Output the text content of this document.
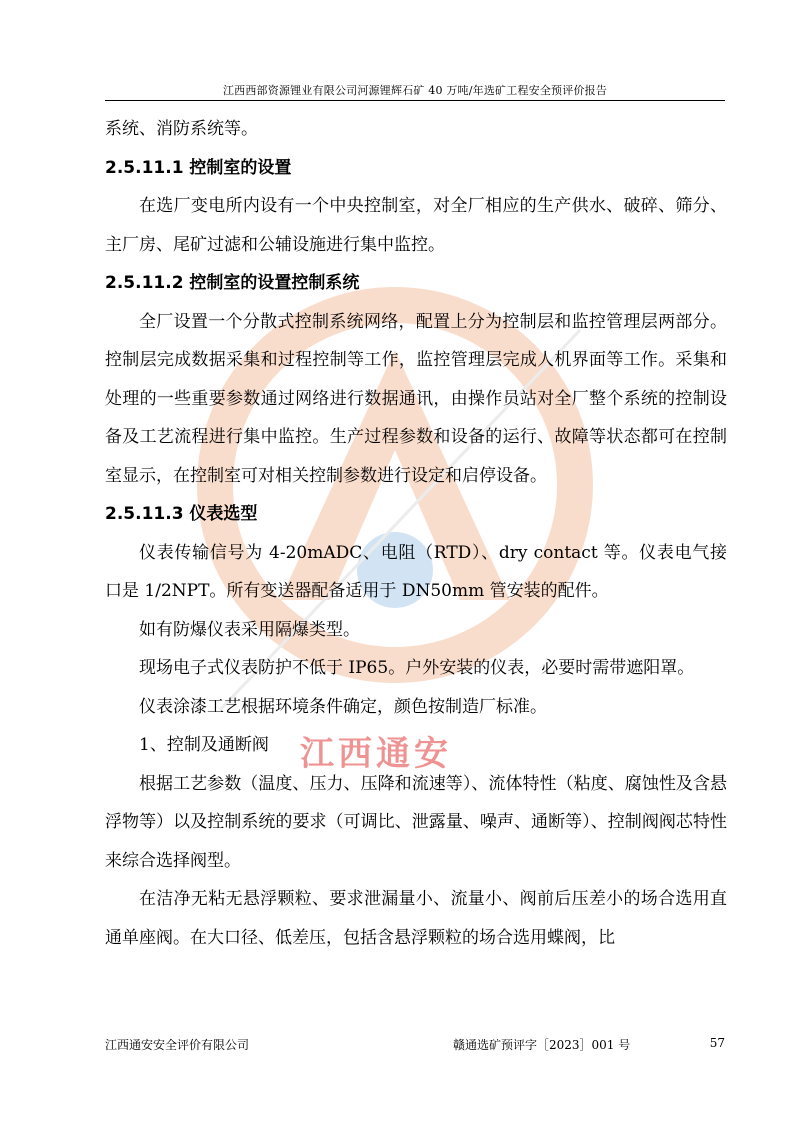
江西西部资源锂业有限公司河源锂辉石矿 40 万吨/年选矿工程安全预评价报告
江西通安

系统、消防系统等。

2.5.11.1 控制室的设置

在选厂变电所内设有一个中央控制室，对全厂相应的生产供水、破碎、筛分、主厂房、尾矿过滤和公辅设施进行集中监控。

2.5.11.2 控制室的设置控制系统

全厂设置一个分散式控制系统网络，配置上分为控制层和监控管理层两部分。控制层完成数据采集和过程控制等工作，监控管理层完成人机界面等工作。采集和处理的一些重要参数通过网络进行数据通讯，由操作员站对全厂整个系统的控制设备及工艺流程进行集中监控。生产过程参数和设备的运行、故障等状态都可在控制室显示，在控制室可对相关控制参数进行设定和启停设备。

2.5.11.3 仪表选型

仪表传输信号为 4-20mADC、电阻（RTD）、dry contact 等。仪表电气接口是 1/2NPT。所有变送器配备适用于 DN50mm 管安装的配件。

如有防爆仪表采用隔爆类型。

现场电子式仪表防护不低于 IP65。户外安装的仪表，必要时需带遮阳罩。

仪表涂漆工艺根据环境条件确定，颜色按制造厂标准。

1、控制及通断阀

根据工艺参数（温度、压力、压降和流速等）、流体特性（粘度、腐蚀性及含悬浮物等）以及控制系统的要求（可调比、泄露量、噪声、通断等）、控制阀阀芯特性来综合选择阀型。

在洁净无粘无悬浮颗粒、要求泄漏量小、流量小、阀前后压差小的场合选用直通单座阀。在大口径、低差压，包括含悬浮颗粒的场合选用蝶阀，比

江西通安安全评价有限公司	赣通选矿预评字［2023］001 号	57
